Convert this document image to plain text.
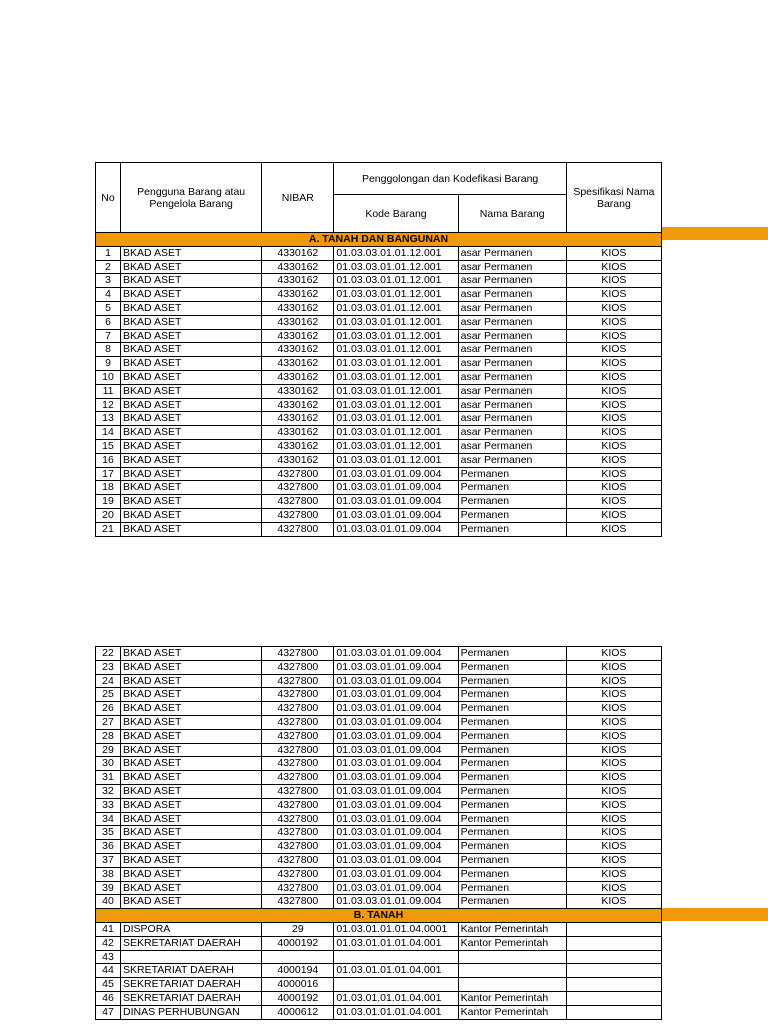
No	Pengguna Barang atau Pengelola Barang	NIBAR	Penggolongan dan Kodefikasi Barang		Spesifikasi Nama Barang
			Kode Barang	Nama Barang	
A. TANAH DAN BANGUNAN					
1	BKAD ASET	4330162	01.03.03.01.01.12.001	asar Permanen	KIOS
2	BKAD ASET	4330162	01.03.03.01.01.12.001	asar Permanen	KIOS
3	BKAD ASET	4330162	01.03.03.01.01.12.001	asar Permanen	KIOS
4	BKAD ASET	4330162	01.03.03.01.01.12.001	asar Permanen	KIOS
5	BKAD ASET	4330162	01.03.03.01.01.12.001	asar Permanen	KIOS
6	BKAD ASET	4330162	01.03.03.01.01.12.001	asar Permanen	KIOS
7	BKAD ASET	4330162	01.03.03.01.01.12.001	asar Permanen	KIOS
8	BKAD ASET	4330162	01.03.03.01.01.12.001	asar Permanen	KIOS
9	BKAD ASET	4330162	01.03.03.01.01.12.001	asar Permanen	KIOS
10	BKAD ASET	4330162	01.03.03.01.01.12.001	asar Permanen	KIOS
11	BKAD ASET	4330162	01.03.03.01.01.12.001	asar Permanen	KIOS
12	BKAD ASET	4330162	01.03.03.01.01.12.001	asar Permanen	KIOS
13	BKAD ASET	4330162	01.03.03.01.01.12.001	asar Permanen	KIOS
14	BKAD ASET	4330162	01.03.03.01.01.12.001	asar Permanen	KIOS
15	BKAD ASET	4330162	01.03.03.01.01.12.001	asar Permanen	KIOS
16	BKAD ASET	4330162	01.03.03.01.01.12.001	asar Permanen	KIOS
17	BKAD ASET	4327800	01.03.03.01.01.09.004	Permanen	KIOS
18	BKAD ASET	4327800	01.03.03.01.01.09.004	Permanen	KIOS
19	BKAD ASET	4327800	01.03.03.01.01.09.004	Permanen	KIOS
20	BKAD ASET	4327800	01.03.03.01.01.09.004	Permanen	KIOS
21	BKAD ASET	4327800	01.03.03.01.01.09.004	Permanen	KIOS
22	BKAD ASET	4327800	01.03.03.01.01.09.004	Permanen	KIOS
23	BKAD ASET	4327800	01.03.03.01.01.09.004	Permanen	KIOS
24	BKAD ASET	4327800	01.03.03.01.01.09.004	Permanen	KIOS
25	BKAD ASET	4327800	01.03.03.01.01.09.004	Permanen	KIOS
26	BKAD ASET	4327800	01.03.03.01.01.09.004	Permanen	KIOS
27	BKAD ASET	4327800	01.03.03.01.01.09.004	Permanen	KIOS
28	BKAD ASET	4327800	01.03.03.01.01.09.004	Permanen	KIOS
29	BKAD ASET	4327800	01.03.03.01.01.09.004	Permanen	KIOS
30	BKAD ASET	4327800	01.03.03.01.01.09.004	Permanen	KIOS
31	BKAD ASET	4327800	01.03.03.01.01.09.004	Permanen	KIOS
32	BKAD ASET	4327800	01.03.03.01.01.09.004	Permanen	KIOS
33	BKAD ASET	4327800	01.03.03.01.01.09.004	Permanen	KIOS
34	BKAD ASET	4327800	01.03.03.01.01.09.004	Permanen	KIOS
35	BKAD ASET	4327800	01.03.03.01.01.09.004	Permanen	KIOS
36	BKAD ASET	4327800	01.03.03.01.01.09.004	Permanen	KIOS
37	BKAD ASET	4327800	01.03.03.01.01.09.004	Permanen	KIOS
38	BKAD ASET	4327800	01.03.03.01.01.09.004	Permanen	KIOS
39	BKAD ASET	4327800	01.03.03.01.01.09.004	Permanen	KIOS
40	BKAD ASET	4327800	01.03.03.01.01.09.004	Permanen	KIOS
B. TANAH					
41	DISPORA	29	01.03.01.01.01.04.0001	Kantor Pemerintah	
42	SEKRETARIAT DAERAH	4000192	01.03.01.01.01.04.001	Kantor Pemerintah	
43					
44	SKRETARIAT DAERAH	4000194	01.03.01.01.01.04.001		
45	SEKRETARIAT DAERAH	4000016			
46	SEKRETARIAT DAERAH	4000192	01.03.01.01.01.04.001	Kantor Pemerintah	
47	DINAS PERHUBUNGAN	4000612	01.03.01.01.01.04.001	Kantor Pemerintah	
